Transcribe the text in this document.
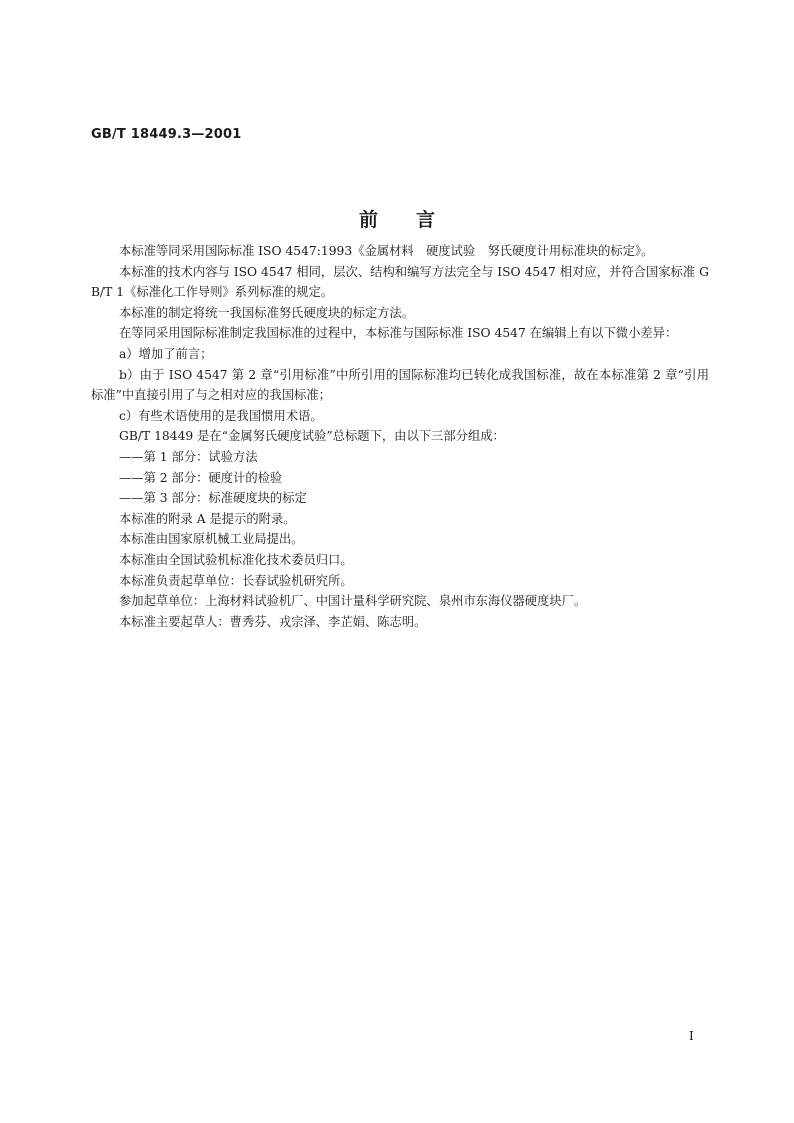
GB/T 18449.3—2001
前言

本标准等同采用国际标准 ISO 4547:1993《金属材料　硬度试验　努氏硬度计用标准块的标定》。

本标准的技术内容与 ISO 4547 相同，层次、结构和编写方法完全与 ISO 4547 相对应，并符合国家标准 GB/T 1《标准化工作导则》系列标准的规定。

本标准的制定将统一我国标准努氏硬度块的标定方法。

在等同采用国际标准制定我国标准的过程中，本标准与国际标准 ISO 4547 在编辑上有以下微小差异：

a）增加了前言；

b）由于 ISO 4547 第 2 章“引用标准”中所引用的国际标准均已转化成我国标准，故在本标准第 2 章“引用标准”中直接引用了与之相对应的我国标准；

c）有些术语使用的是我国惯用术语。

GB/T 18449 是在“金属努氏硬度试验”总标题下，由以下三部分组成：

——第 1 部分：试验方法

——第 2 部分：硬度计的检验

——第 3 部分：标准硬度块的标定

本标准的附录 A 是提示的附录。

本标准由国家原机械工业局提出。

本标准由全国试验机标准化技术委员归口。

本标准负责起草单位：长春试验机研究所。

参加起草单位：上海材料试验机厂、中国计量科学研究院、泉州市东海仪器硬度块厂。

本标准主要起草人：曹秀芬、戎宗泽、李芷娟、陈志明。

I
